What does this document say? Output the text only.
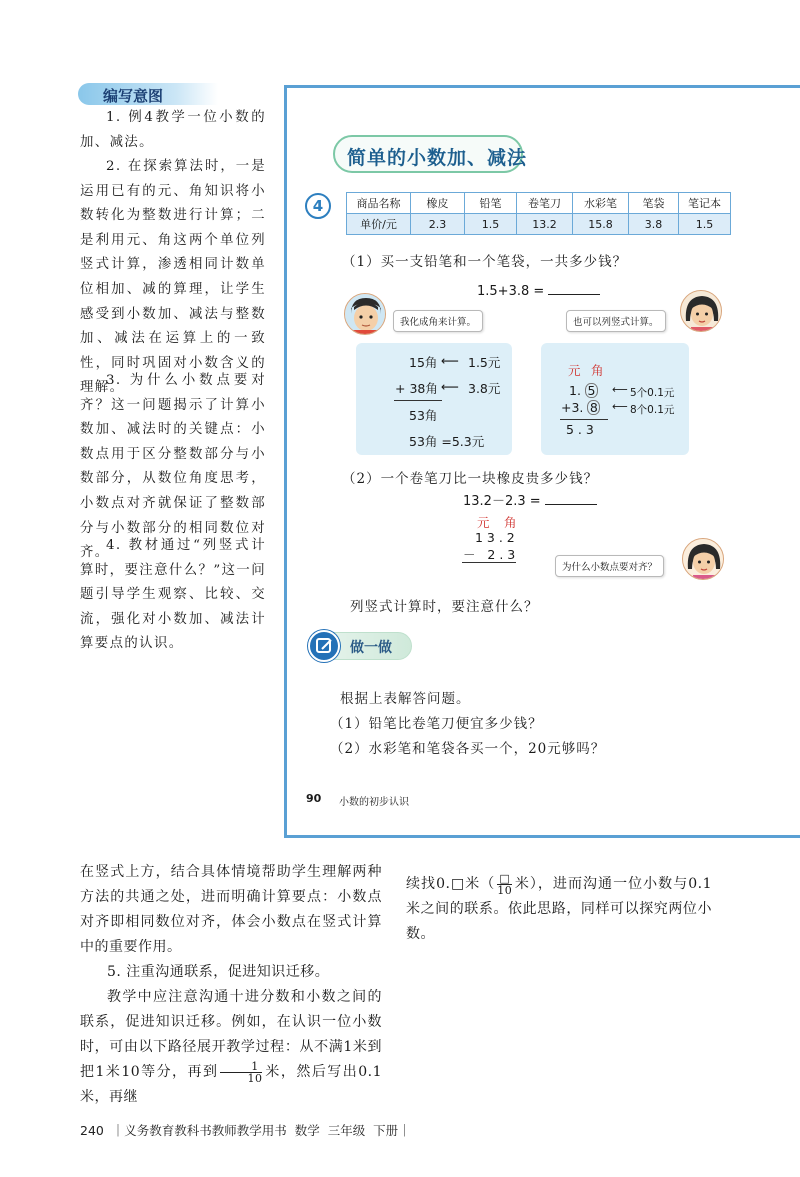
编写意图

1. 例4教学一位小数的加、减法。

2. 在探索算法时，一是运用已有的元、角知识将小数转化为整数进行计算；二是利用元、角这两个单位列竖式计算，渗透相同计数单位相加、减的算理，让学生感受到小数加、减法与整数加、减法在运算上的一致性，同时巩固对小数含义的理解。

3. 为什么小数点要对齐？这一问题揭示了计算小数加、减法时的关键点：小数点用于区分整数部分与小数部分，从数位角度思考，小数点对齐就保证了整数部分与小数部分的相同数位对齐。

4. 教材通过“列竖式计算时，要注意什么？”这一问题引导学生观察、比较、交流，强化对小数加、减法计算要点的认识。

简单的小数加、减法
4	商品名称	橡皮	铅笔	卷笔刀	水彩笔	笔袋	笔记本
单价/元	2.3	1.5	13.2	15.8	3.8	1.5
（1）买一支铅笔和一个笔袋，一共多少钱？
1.5+3.8 =
我化成角来计算。	也可以列竖式计算。
15角 ⟵ 1.5元
+ 38角 ⟵ 3.8元
53角
53角 =5.3元
元 角
1. 5 ⟵ 5个0.1元
+3. 8 ⟵ 8个0.1元
5 . 3
（2）一个卷笔刀比一块橡皮贵多少钱？
13.2－2.3 =
元 角
1 3 . 2
－   2 . 3
为什么小数点要对齐？
列竖式计算时，要注意什么？
做一做
根据上表解答问题。
（1）铅笔比卷笔刀便宜多少钱？
（2）水彩笔和笔袋各买一个，20元够吗？
90 小数的初步认识

在竖式上方，结合具体情境帮助学生理解两种方法的共通之处，进而明确计算要点：小数点对齐即相同数位对齐，体会小数点在竖式计算中的重要作用。

5. 注重沟通联系，促进知识迁移。

教学中应注意沟通十进分数和小数之间的联系，促进知识迁移。例如，在认识一位小数时，可由以下路径展开教学过程：从不满1米到把1米10等分，再到 $\frac{1}{10}$ 米，然后写出0.1米，再继

续找0.□米（ $\frac{□}{10}$ 米），进而沟通一位小数与0.1米之间的联系。依此思路，同样可以探究两位小数。

240  ｜义务教育教科书教师教学用书  数学  三年级  下册｜
